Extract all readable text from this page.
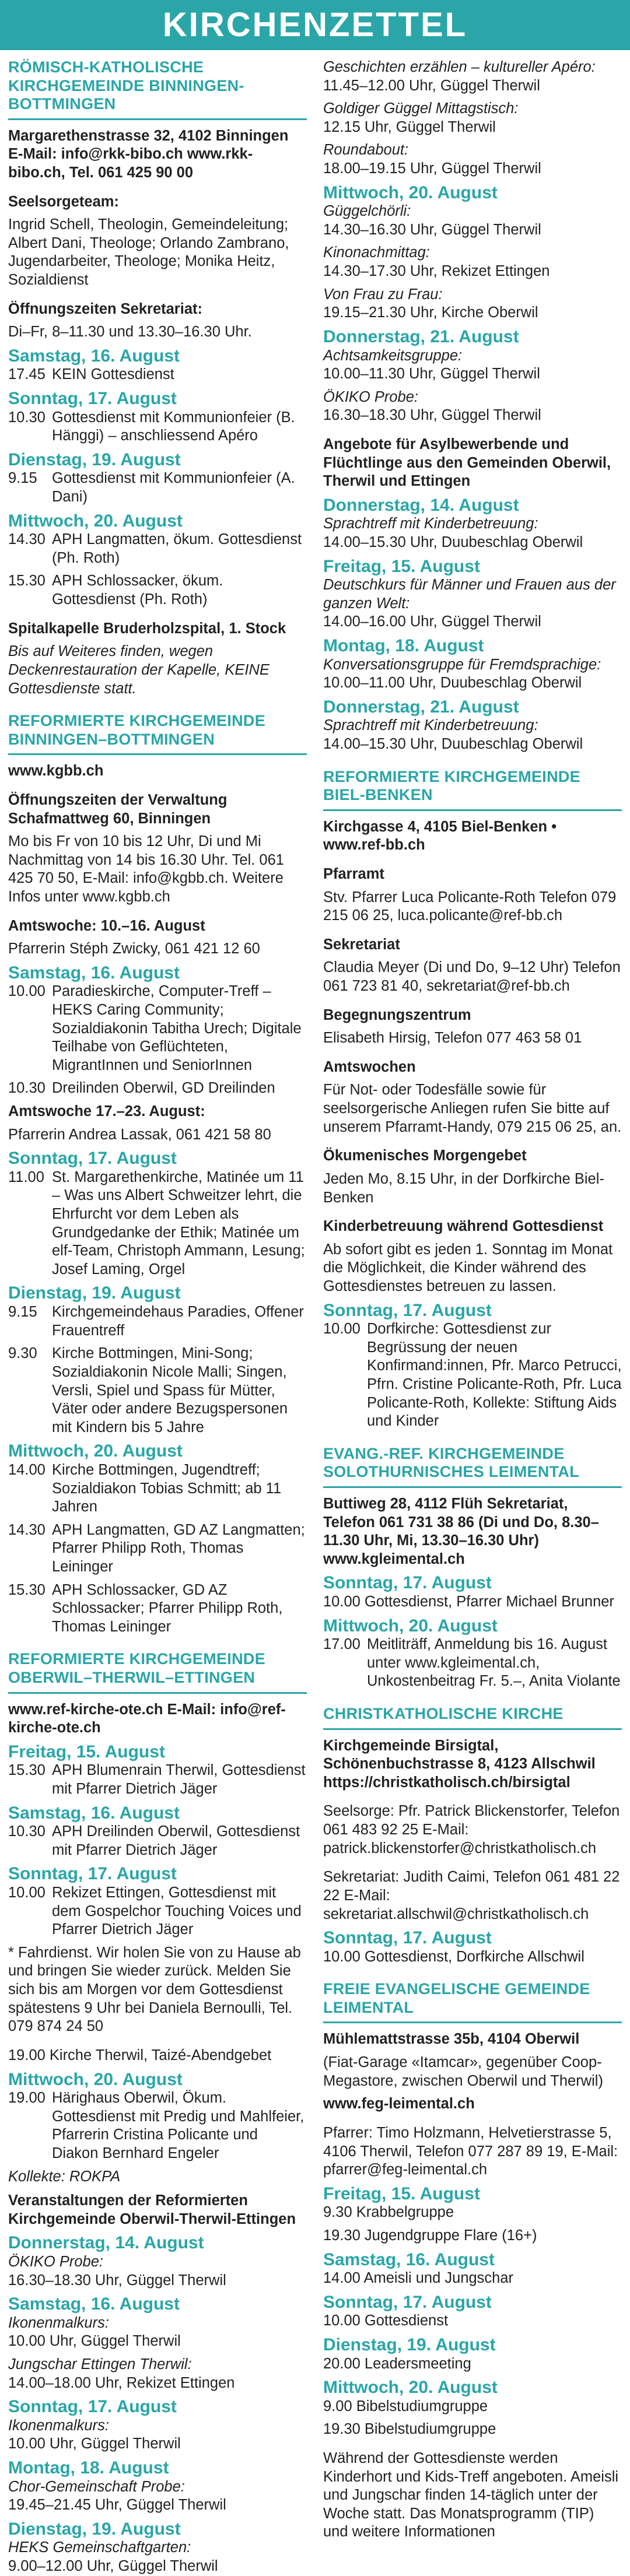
KIRCHENZETTEL
RÖMISCH-KATHOLISCHE KIRCHGEMEINDE BINNINGEN-BOTTMINGEN
Margarethenstrasse 32, 4102 Binningen E-Mail: info@rkk-bibo.ch www.rkk-bibo.ch, Tel. 061 425 90 00
Seelsorgeteam:
Ingrid Schell, Theologin, Gemeindeleitung; Albert Dani, Theologe; Orlando Zambrano, Jugendarbeiter, Theologe; Monika Heitz, Sozialdienst
Öffnungszeiten Sekretariat:
Di–Fr, 8–11.30 und 13.30–16.30 Uhr.
Samstag, 16. August
17.45 KEIN Gottesdienst
Sonntag, 17. August
10.30 Gottesdienst mit Kommunionfeier (B. Hänggi) – anschliessend Apéro
Dienstag, 19. August
9.15 Gottesdienst mit Kommunionfeier (A. Dani)
Mittwoch, 20. August
14.30 APH Langmatten, ökum. Gottesdienst (Ph. Roth)
15.30 APH Schlossacker, ökum. Gottesdienst (Ph. Roth)
Spitalkapelle Bruderholzspital, 1. Stock
Bis auf Weiteres finden, wegen Deckenrestauration der Kapelle, KEINE Gottesdienste statt.
REFORMIERTE KIRCHGEMEINDE BINNINGEN–BOTTMINGEN
www.kgbb.ch
Öffnungszeiten der Verwaltung Schafmattweg 60, Binningen
Mo bis Fr von 10 bis 12 Uhr, Di und Mi Nachmittag von 14 bis 16.30 Uhr. Tel. 061 425 70 50, E-Mail: info@kgbb.ch. Weitere Infos unter www.kgbb.ch
Amtswoche: 10.–16. August
Pfarrerin Stéph Zwicky, 061 421 12 60
Samstag, 16. August
10.00 Paradieskirche, Computer-Treff – HEKS Caring Community; Sozialdiakonin Tabitha Urech; Digitale Teilhabe von Geflüchteten, MigrantInnen und SeniorInnen
10.30 Dreilinden Oberwil, GD Dreilinden
Amtswoche 17.–23. August:
Pfarrerin Andrea Lassak, 061 421 58 80
Sonntag, 17. August
11.00 St. Margarethenkirche, Matinée um 11 – Was uns Albert Schweitzer lehrt, die Ehrfurcht vor dem Leben als Grundgedanke der Ethik; Matinée um elf-Team, Christoph Ammann, Lesung; Josef Laming, Orgel
Dienstag, 19. August
9.15 Kirchgemeindehaus Paradies, Offener Frauentreff
9.30 Kirche Bottmingen, Mini-Song; Sozialdiakonin Nicole Malli; Singen, Versli, Spiel und Spass für Mütter, Väter oder andere Bezugspersonen mit Kindern bis 5 Jahre
Mittwoch, 20. August
14.00 Kirche Bottmingen, Jugendtreff; Sozialdiakon Tobias Schmitt; ab 11 Jahren
14.30 APH Langmatten, GD AZ Langmatten; Pfarrer Philipp Roth, Thomas Leininger
15.30 APH Schlossacker, GD AZ Schlossacker; Pfarrer Philipp Roth, Thomas Leininger
REFORMIERTE KIRCHGEMEINDE OBERWIL–THERWIL–ETTINGEN
www.ref-kirche-ote.ch E-Mail: info@ref-kirche-ote.ch
Freitag, 15. August
15.30 APH Blumenrain Therwil, Gottesdienst mit Pfarrer Dietrich Jäger
Samstag, 16. August
10.30 APH Dreilinden Oberwil, Gottesdienst mit Pfarrer Dietrich Jäger
Sonntag, 17. August
10.00 Rekizet Ettingen, Gottesdienst mit dem Gospelchor Touching Voices und Pfarrer Dietrich Jäger
* Fahrdienst. Wir holen Sie von zu Hause ab und bringen Sie wieder zurück. Melden Sie sich bis am Morgen vor dem Gottesdienst spätestens 9 Uhr bei Daniela Bernoulli, Tel. 079 874 24 50
19.00 Kirche Therwil, Taizé-Abendgebet
Mittwoch, 20. August
19.00 Härighaus Oberwil, Ökum. Gottesdienst mit Predig und Mahlfeier, Pfarrerin Cristina Policante und Diakon Bernhard Engeler
Kollekte: ROKPA
Veranstaltungen der Reformierten Kirchgemeinde Oberwil-Therwil-Ettingen
Donnerstag, 14. August
ÖKIKO Probe:
16.30–18.30 Uhr, Güggel Therwil
Samstag, 16. August
Ikonenmalkurs:
10.00 Uhr, Güggel Therwil
Jungschar Ettingen Therwil:
14.00–18.00 Uhr, Rekizet Ettingen
Sonntag, 17. August
Ikonenmalkurs:
10.00 Uhr, Güggel Therwil
Montag, 18. August
Chor-Gemeinschaft Probe:
19.45–21.45 Uhr, Güggel Therwil
Dienstag, 19. August
HEKS Gemeinschaftgarten:
9.00–12.00 Uhr, Güggel Therwil
Geschichten erzählen – kultureller Apéro:
11.45–12.00 Uhr, Güggel Therwil
Goldiger Güggel Mittagstisch:
12.15 Uhr, Güggel Therwil
Roundabout:
18.00–19.15 Uhr, Güggel Therwil
Mittwoch, 20. August
Güggelchörli:
14.30–16.30 Uhr, Güggel Therwil
Kinonachmittag:
14.30–17.30 Uhr, Rekizet Ettingen
Von Frau zu Frau:
19.15–21.30 Uhr, Kirche Oberwil
Donnerstag, 21. August
Achtsamkeitsgruppe:
10.00–11.30 Uhr, Güggel Therwil
ÖKIKO Probe:
16.30–18.30 Uhr, Güggel Therwil
Angebote für Asylbewerbende und Flüchtlinge aus den Gemeinden Oberwil, Therwil und Ettingen
Donnerstag, 14. August
Sprachtreff mit Kinderbetreuung:
14.00–15.30 Uhr, Duubeschlag Oberwil
Freitag, 15. August
Deutschkurs für Männer und Frauen aus der ganzen Welt:
14.00–16.00 Uhr, Güggel Therwil
Montag, 18. August
Konversationsgruppe für Fremdsprachige:
10.00–11.00 Uhr, Duubeschlag Oberwil
Donnerstag, 21. August
Sprachtreff mit Kinderbetreuung:
14.00–15.30 Uhr, Duubeschlag Oberwil
REFORMIERTE KIRCHGEMEINDE BIEL-BENKEN
Kirchgasse 4, 4105 Biel-Benken • www.ref-bb.ch
Pfarramt
Stv. Pfarrer Luca Policante-Roth Telefon 079 215 06 25, luca.policante@ref-bb.ch
Sekretariat
Claudia Meyer (Di und Do, 9–12 Uhr) Telefon 061 723 81 40, sekretariat@ref-bb.ch
Begegnungszentrum
Elisabeth Hirsig, Telefon 077 463 58 01
Amtswochen
Für Not- oder Todesfälle sowie für seelsorgerische Anliegen rufen Sie bitte auf unserem Pfarramt-Handy, 079 215 06 25, an.
Ökumenisches Morgengebet
Jeden Mo, 8.15 Uhr, in der Dorfkirche Biel-Benken
Kinderbetreuung während Gottesdienst
Ab sofort gibt es jeden 1. Sonntag im Monat die Möglichkeit, die Kinder während des Gottesdienstes betreuen zu lassen.
Sonntag, 17. August
10.00 Dorfkirche: Gottesdienst zur Begrüssung der neuen Konfirmand:innen, Pfr. Marco Petrucci, Pfrn. Cristine Policante-Roth, Pfr. Luca Policante-Roth, Kollekte: Stiftung Aids und Kinder
EVANG.-REF. KIRCHGEMEINDE SOLOTHURNISCHES LEIMENTAL
Buttiweg 28, 4112 Flüh Sekretariat, Telefon 061 731 38 86 (Di und Do, 8.30–11.30 Uhr, Mi, 13.30–16.30 Uhr) www.kgleimental.ch
Sonntag, 17. August
10.00 Gottesdienst, Pfarrer Michael Brunner
Mittwoch, 20. August
17.00 Meitliträff, Anmeldung bis 16. August unter www.kgleimental.ch, Unkostenbeitrag Fr. 5.–, Anita Violante
CHRISTKATHOLISCHE KIRCHE
Kirchgemeinde Birsigtal, Schönenbuchstrasse 8, 4123 Allschwil https://christkatholisch.ch/birsigtal
Seelsorge: Pfr. Patrick Blickenstorfer, Telefon 061 483 92 25 E-Mail: patrick.blickenstorfer@christkatholisch.ch
Sekretariat: Judith Caimi, Telefon 061 481 22 22 E-Mail: sekretariat.allschwil@christkatholisch.ch
Sonntag, 17. August
10.00 Gottesdienst, Dorfkirche Allschwil
FREIE EVANGELISCHE GEMEINDE LEIMENTAL
Mühlemattstrasse 35b, 4104 Oberwil
(Fiat-Garage «Itamcar», gegenüber Coop-Megastore, zwischen Oberwil und Therwil)
www.feg-leimental.ch
Pfarrer: Timo Holzmann, Helvetierstrasse 5, 4106 Therwil, Telefon 077 287 89 19, E-Mail: pfarrer@feg-leimental.ch
Freitag, 15. August
9.30 Krabbelgruppe
19.30 Jugendgruppe Flare (16+)
Samstag, 16. August
14.00 Ameisli und Jungschar
Sonntag, 17. August
10.00 Gottesdienst
Dienstag, 19. August
20.00 Leadersmeeting
Mittwoch, 20. August
9.00 Bibelstudiumgruppe
19.30 Bibelstudiumgruppe
Während der Gottesdienste werden Kinderhort und Kids-Treff angeboten. Ameisli und Jungschar finden 14-täglich unter der Woche statt. Das Monatsprogramm (TIP) und weitere Informationen
